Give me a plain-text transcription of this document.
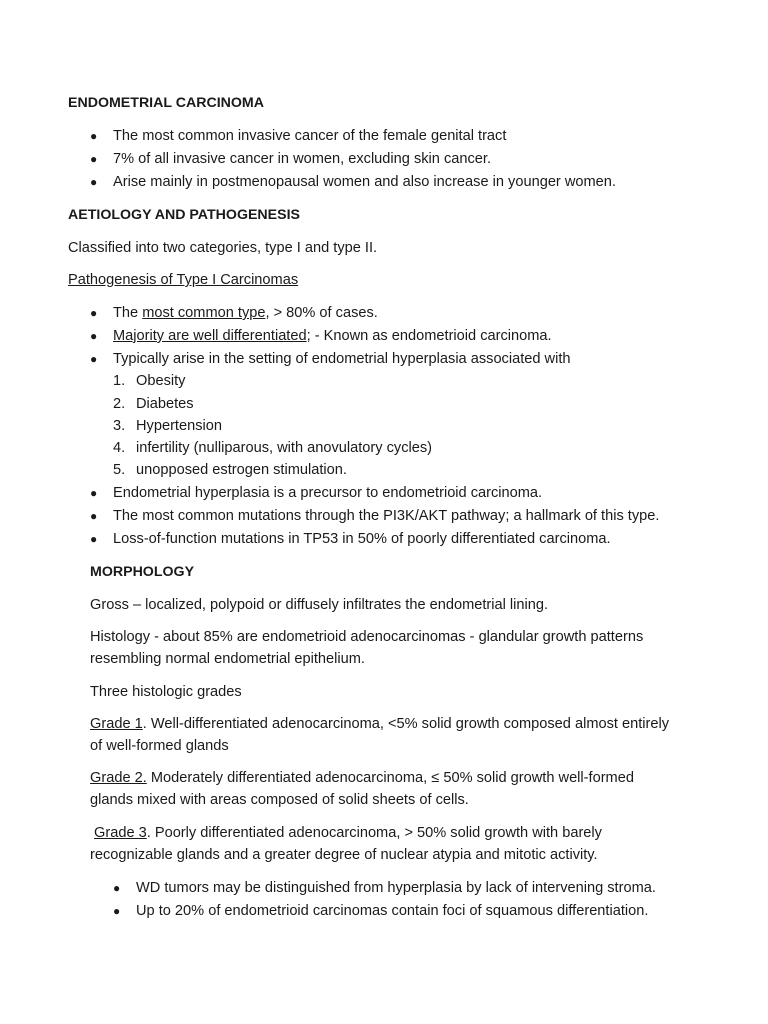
ENDOMETRIAL CARCINOMA
● The most common invasive cancer of the female genital tract
● 7% of all invasive cancer in women, excluding skin cancer.
● Arise mainly in postmenopausal women and also increase in younger women.
AETIOLOGY AND PATHOGENESIS
Classified into two categories, type I and type II.
Pathogenesis of Type I Carcinomas
● The most common type, > 80% of cases.
● Majority are well differentiated; - Known as endometrioid carcinoma.
● Typically arise in the setting of endometrial hyperplasia associated with
1. Obesity
2. Diabetes
3. Hypertension
4. infertility (nulliparous, with anovulatory cycles)
5. unopposed estrogen stimulation.
● Endometrial hyperplasia is a precursor to endometrioid carcinoma.
● The most common mutations through the PI3K/AKT pathway; a hallmark of this type.
● Loss-of-function mutations in TP53 in 50% of poorly differentiated carcinoma.
MORPHOLOGY
Gross – localized, polypoid or diffusely infiltrates the endometrial lining.
Histology - about 85% are endometrioid adenocarcinomas - glandular growth patterns
resembling normal endometrial epithelium.
Three histologic grades
Grade 1. Well-differentiated adenocarcinoma, <5% solid growth composed almost entirely
of well-formed glands
Grade 2. Moderately differentiated adenocarcinoma, ≤ 50% solid growth well-formed
glands mixed with areas composed of solid sheets of cells.
Grade 3. Poorly differentiated adenocarcinoma, > 50% solid growth with barely
recognizable glands and a greater degree of nuclear atypia and mitotic activity.
● WD tumors may be distinguished from hyperplasia by lack of intervening stroma.
● Up to 20% of endometrioid carcinomas contain foci of squamous differentiation.
